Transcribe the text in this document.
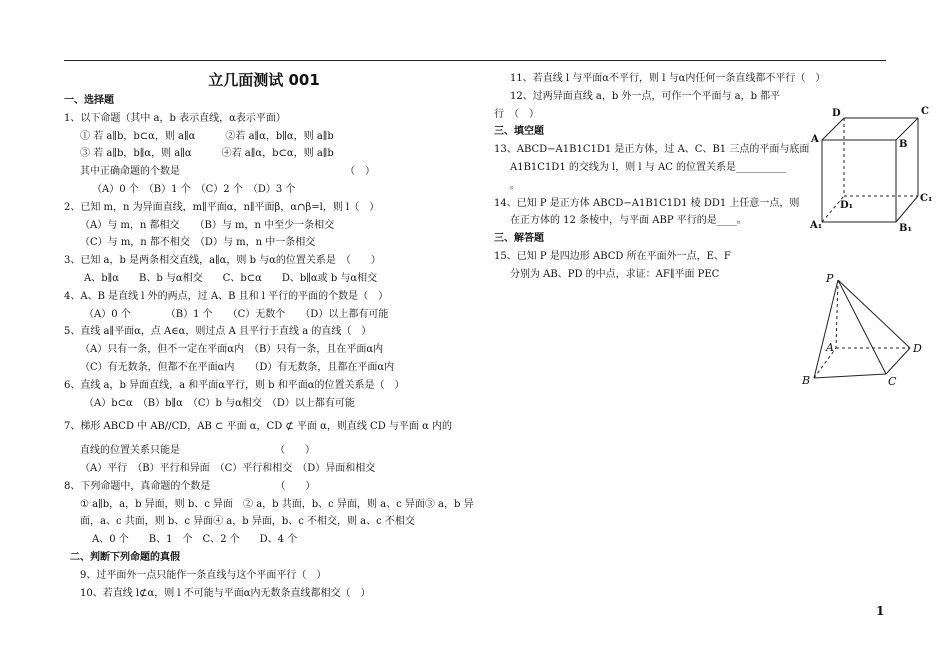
立几面测试 001
一、选择题
1、以下命题（其中 a，b 表示直线，α表示平面）
① 若 a∥b，b⊂α，则 a∥α　　　②若 a∥α，b∥α，则 a∥b
③ 若 a∥b，b∥α，则 a∥α　　　④若 a∥α，b⊂α，则 a∥b
其中正确命题的个数是　　　　　　　　　　　　　　　　　（　）
（A）0 个　（B）1 个　（C）2 个　（D）3 个
2、已知 m，n 为异面直线，m∥平面α，n∥平面β，α∩β=l，则 l（　）
（A）与 m，n 都相交　　（B）与 m，n 中至少一条相交
（C）与 m，n 都不相交　（D）与 m，n 中一条相交
3、已知 a，b 是两条相交直线，a∥α，则 b 与α的位置关系是　（　　）
A、b∥α　　B、b 与α相交　　C、b⊂α　　D、b∥α或 b 与α相交
4、A、B 是直线 l 外的两点，过 A、B 且和 l 平行的平面的个数是（　）
（A）0 个　　　　（B）1 个　　（C）无数个　　（D）以上都有可能
5、直线 a∥平面α，点 A∈α，则过点 A 且平行于直线 a 的直线（　）
（A）只有一条，但不一定在平面α内　（B）只有一条，且在平面α内
（C）有无数条，但都不在平面α内　　（D）有无数条，且都在平面α内
6、直线 a，b 异面直线，a 和平面α平行，则 b 和平面α的位置关系是（　）
（A）b⊂α　（B）b∥α　（C）b 与α相交　（D）以上都有可能
7、梯形 ABCD 中 AB//CD，AB ⊂ 平面 α，CD ⊄ 平面 α，则直线 CD 与平面 α 内的
直线的位置关系只能是　　　　　　　　　　（　　）
（A）平行　（B）平行和异面　（C）平行和相交　（D）异面和相交
8、下列命题中，真命题的个数是　　　　　　　（　　）
① a∥b，a，b 异面，则 b、c 异面　② a，b 共面，b、c 异面，则 a、c 异面③ a，b 异
面，a、c 共面，则 b、c 异面④ a，b 异面，b、c 不相交，则 a、c 不相交
A、0 个　　B、1　个　C、2 个　　D、4 个
二、判断下列命题的真假
9、过平面外一点只能作一条直线与这个平面平行（　）
10、若直线 l⊄α，则 l 不可能与平面α内无数条直线都相交（　）
11、若直线 l 与平面α不平行，则 l 与α内任何一条直线都不平行（　）
12、过两异面直线 a，b 外一点，可作一个平面与 a，b 都平
行　（　）
三、填空题
13、ABCD−A1B1C1D1 是正方体，过 A、C、B1 三点的平面与底面
A1B1C1D1 的交线为 l，则 l 与 AC 的位置关系是__________
。
14、已知 P 是正方体 ABCD−A1B1C1D1 棱 DD1 上任意一点，则
在正方体的 12 条棱中，与平面 ABP 平行的是____。
三、解答题
15、已知 P 是四边形 ABCD 所在平面外一点，E、F
分别为 AB、PD 的中点，求证：AF∥平面 PEC
D	C
A	B
D₁
C₁
A₁	B₁
P
A	D
B	C
1
